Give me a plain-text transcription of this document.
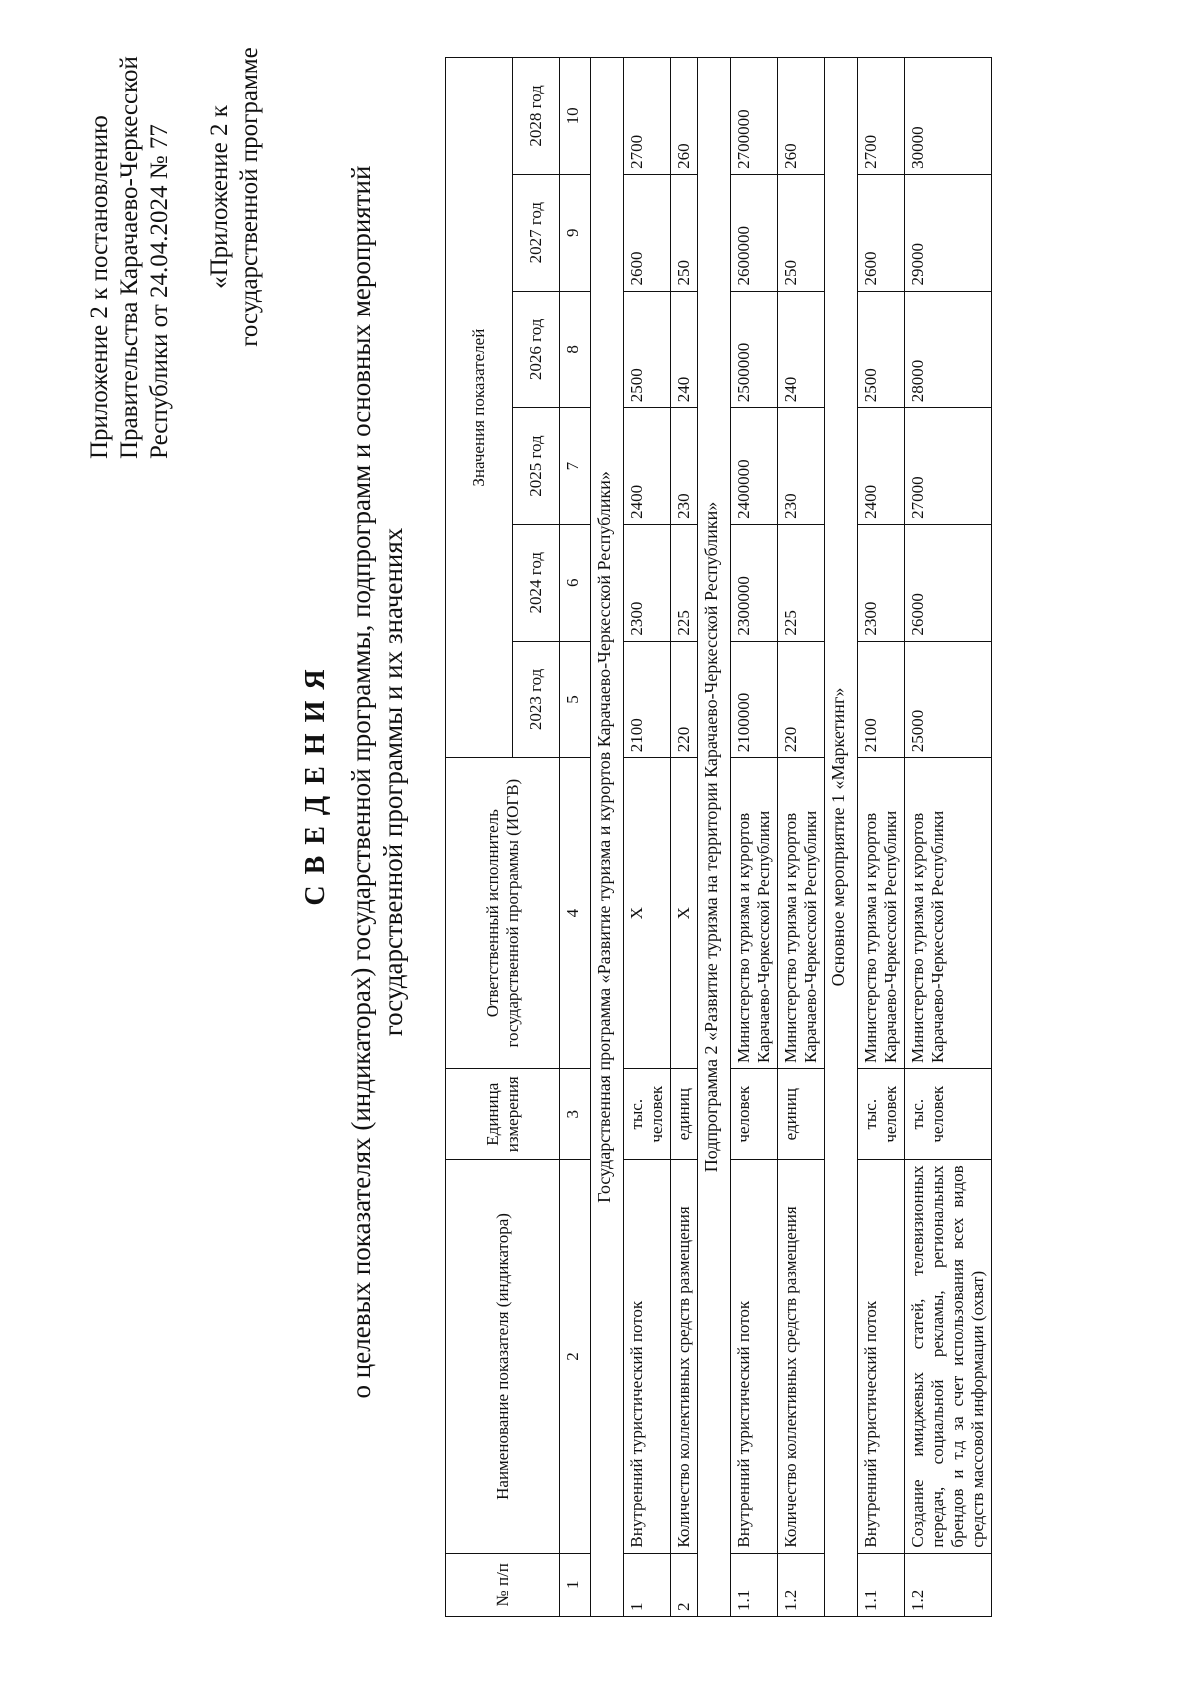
Приложение 2 к постановлению Правительства Карачаево-Черкесской Республики от 24.04.2024 № 77 «Приложение 2 к государственной программе
СВЕДЕНИЯ о целевых показателях (индикаторах) государственной программы, подпрограмм и основных мероприятий государственной программы и их значениях
№ п/п	Наименование показателя (индикатора)	Единица измерения	Ответственный исполнитель государственной программы (ИОГВ)	Значения показателей					
				2023 год	2024 год	2025 год	2026 год	2027 год	2028 год
1	2	3	4	5	6	7	8	9	10
Государственная программа «Развитие туризма и курортов Карачаево-Черкесской Республики»									
1	Внутренний туристический поток	тыс. человек	Х	2100	2300	2400	2500	2600	2700
2	Количество коллективных средств размещения	единиц	Х	220	225	230	240	250	260
Подпрограмма 2 «Развитие туризма на территории Карачаево-Черкесской Республики»									
1.1	Внутренний туристический поток	человек	Министерство туризма и курортов Карачаево-Черкесской Республики	2100000	2300000	2400000	2500000	2600000	2700000
1.2	Количество коллективных средств размещения	единиц	Министерство туризма и курортов Карачаево-Черкесской Республики	220	225	230	240	250	260
Основное мероприятие 1 «Маркетинг»									
1.1	Внутренний туристический поток	тыс. человек	Министерство туризма и курортов Карачаево-Черкесской Республики	2100	2300	2400	2500	2600	2700
1.2	Создание имиджевых статей, телевизионных передач, социальной рекламы, региональных брендов и т.д за счет использования всех видов средств массовой информации (охват)	тыс. человек	Министерство туризма и курортов Карачаево-Черкесской Республики	25000	26000	27000	28000	29000	30000
